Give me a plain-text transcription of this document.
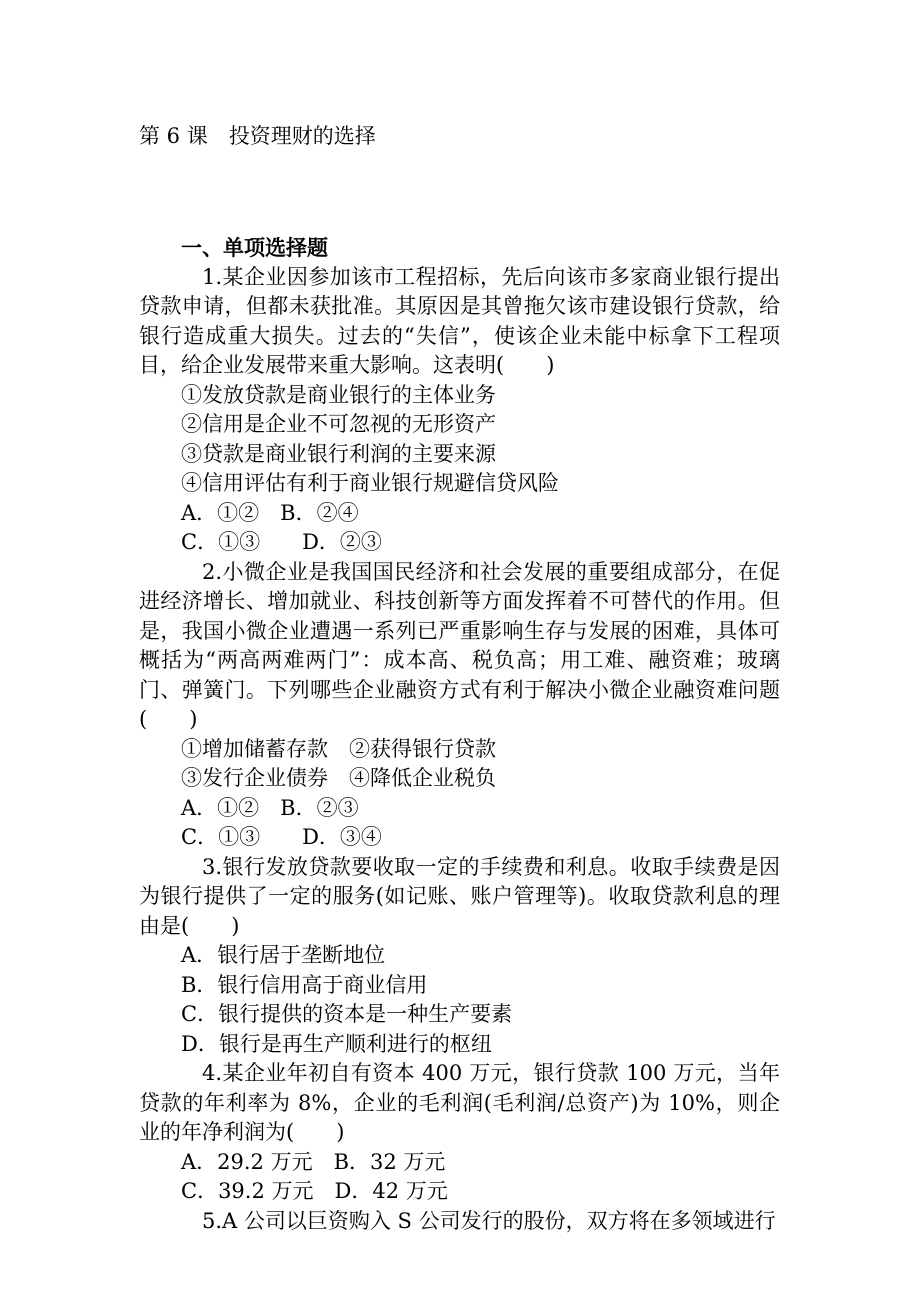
第 6 课　投资理财的选择
一、单项选择题
1.某企业因参加该市工程招标，先后向该市多家商业银行提出贷款申请，但都未获批准。其原因是其曾拖欠该市建设银行贷款，给银行造成重大损失。过去的“失信”，使该企业未能中标拿下工程项目，给企业发展带来重大影响。这表明(　　)
①发放贷款是商业银行的主体业务
②信用是企业不可忽视的无形资产
③贷款是商业银行利润的主要来源
④信用评估有利于商业银行规避信贷风险
A．①②　B．②④
C．①③　　D．②③
2.小微企业是我国国民经济和社会发展的重要组成部分，在促进经济增长、增加就业、科技创新等方面发挥着不可替代的作用。但是，我国小微企业遭遇一系列已严重影响生存与发展的困难，具体可概括为“两高两难两门”：成本高、税负高；用工难、融资难；玻璃门、弹簧门。下列哪些企业融资方式有利于解决小微企业融资难问题(　　)
①增加储蓄存款　②获得银行贷款
③发行企业债券　④降低企业税负
A．①②　B．②③
C．①③　　D．③④
3.银行发放贷款要收取一定的手续费和利息。收取手续费是因为银行提供了一定的服务(如记账、账户管理等)。收取贷款利息的理由是(　　)
A．银行居于垄断地位
B．银行信用高于商业信用
C．银行提供的资本是一种生产要素
D．银行是再生产顺利进行的枢纽
4.某企业年初自有资本 400 万元，银行贷款 100 万元，当年贷款的年利率为 8%，企业的毛利润(毛利润/总资产)为 10%，则企业的年净利润为(　　)
A．29.2 万元　B．32 万元
C．39.2 万元　D．42 万元
5.A 公司以巨资购入 S 公司发行的股份，双方将在多领域进行
